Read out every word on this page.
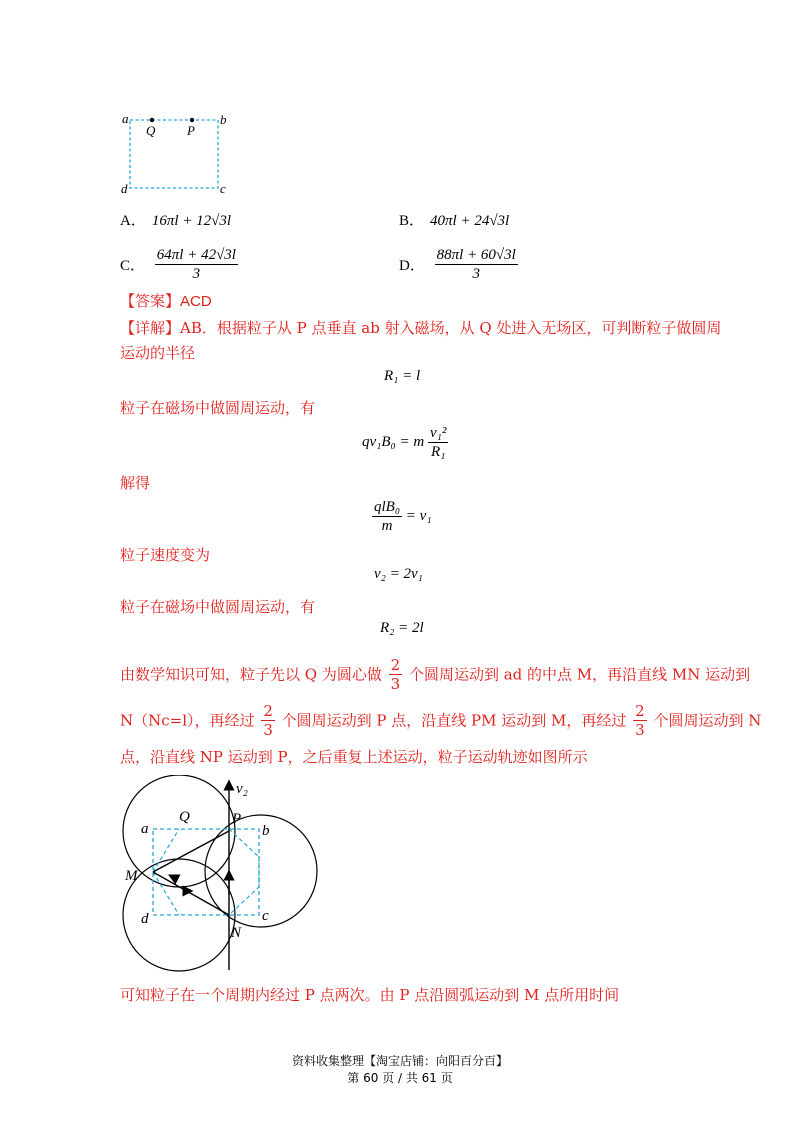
a	b
Q P
d	c
A． 16πl + 12√3l	B． 40πl + 24√3l
C． $\frac{64\pi l + 42√3l}{3}$	D． $\frac{88\pi l + 60√3l}{3}$
【答案】ACD
【详解】AB．根据粒子从 P 点垂直 ab 射入磁场，从 Q 处进入无场区，可判断粒子做圆周
运动的半径
R₁ = l
粒子在磁场中做圆周运动，有
qv₁B₀ = m $\frac{\text{v₁²}}{\text{R₁}}$
解得
$\frac{\text{qlB₀}}{m} = v_1$
粒子速度变为
v₂ = 2v₁
粒子在磁场中做圆周运动，有
R₂ = 2l
由数学知识可知，粒子先以 Q 为圆心做 $\frac{2}{3}$ 个圆周运动到 ad 的中点 M，再沿直线 MN 运动到
N（Nc=l），再经过 $\frac{2}{3}$ 个圆周运动到 P 点，沿直线 PM 运动到 M，再经过 $\frac{2}{3}$ 个圆周运动到 N
点，沿直线 NP 运动到 P，之后重复上述运动，粒子运动轨迹如图所示
v₂
Q	P
a	b
M
d	c
N
可知粒子在一个周期内经过 P 点两次。由 P 点沿圆弧运动到 M 点所用时间
资料收集整理【淘宝店铺：向阳百分百】
第 60 页 / 共 61 页
